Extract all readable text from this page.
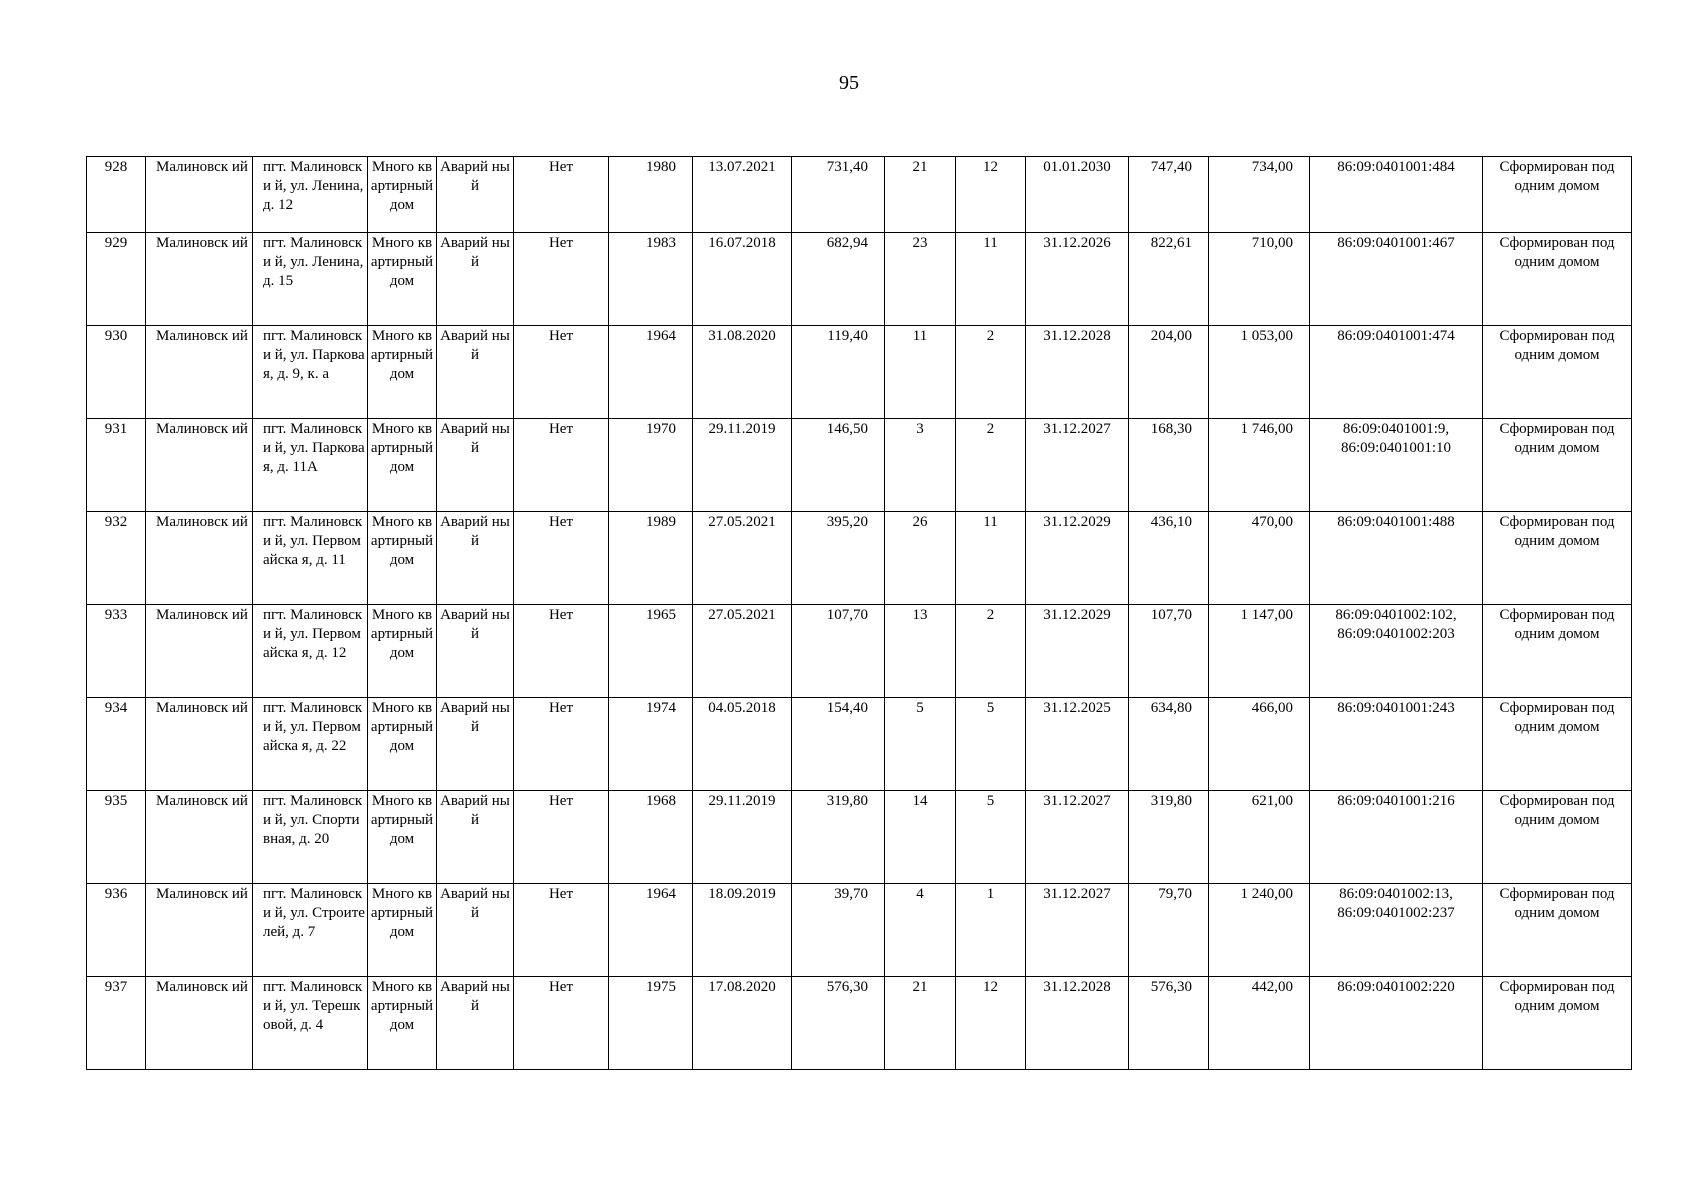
95
928	Малиновск ий	пгт. Малиновски й, ул. Ленина, д. 12	Много квартирный дом	Аварий ный	Нет	1980	13.07.2021	731,40	21	12	01.01.2030	747,40	734,00	86:09:0401001:484	Сформирован под одним домом
929	Малиновск ий	пгт. Малиновски й, ул. Ленина, д. 15	Много квартирный дом	Аварий ный	Нет	1983	16.07.2018	682,94	23	11	31.12.2026	822,61	710,00	86:09:0401001:467	Сформирован под одним домом
930	Малиновск ий	пгт. Малиновски й, ул. Парковая, д. 9, к. а	Много квартирный дом	Аварий ный	Нет	1964	31.08.2020	119,40	11	2	31.12.2028	204,00	1 053,00	86:09:0401001:474	Сформирован под одним домом
931	Малиновск ий	пгт. Малиновски й, ул. Парковая, д. 11А	Много квартирный дом	Аварий ный	Нет	1970	29.11.2019	146,50	3	2	31.12.2027	168,30	1 746,00	86:09:0401001:9, 86:09:0401001:10	Сформирован под одним домом
932	Малиновск ий	пгт. Малиновски й, ул. Первомайска я, д. 11	Много квартирный дом	Аварий ный	Нет	1989	27.05.2021	395,20	26	11	31.12.2029	436,10	470,00	86:09:0401001:488	Сформирован под одним домом
933	Малиновск ий	пгт. Малиновски й, ул. Первомайска я, д. 12	Много квартирный дом	Аварий ный	Нет	1965	27.05.2021	107,70	13	2	31.12.2029	107,70	1 147,00	86:09:0401002:102, 86:09:0401002:203	Сформирован под одним домом
934	Малиновск ий	пгт. Малиновски й, ул. Первомайска я, д. 22	Много квартирный дом	Аварий ный	Нет	1974	04.05.2018	154,40	5	5	31.12.2025	634,80	466,00	86:09:0401001:243	Сформирован под одним домом
935	Малиновск ий	пгт. Малиновски й, ул. Спортивная, д. 20	Много квартирный дом	Аварий ный	Нет	1968	29.11.2019	319,80	14	5	31.12.2027	319,80	621,00	86:09:0401001:216	Сформирован под одним домом
936	Малиновск ий	пгт. Малиновски й, ул. Строителей, д. 7	Много квартирный дом	Аварий ный	Нет	1964	18.09.2019	39,70	4	1	31.12.2027	79,70	1 240,00	86:09:0401002:13, 86:09:0401002:237	Сформирован под одним домом
937	Малиновск ий	пгт. Малиновски й, ул. Терешковой, д. 4	Много квартирный дом	Аварий ный	Нет	1975	17.08.2020	576,30	21	12	31.12.2028	576,30	442,00	86:09:0401002:220	Сформирован под одним домом
